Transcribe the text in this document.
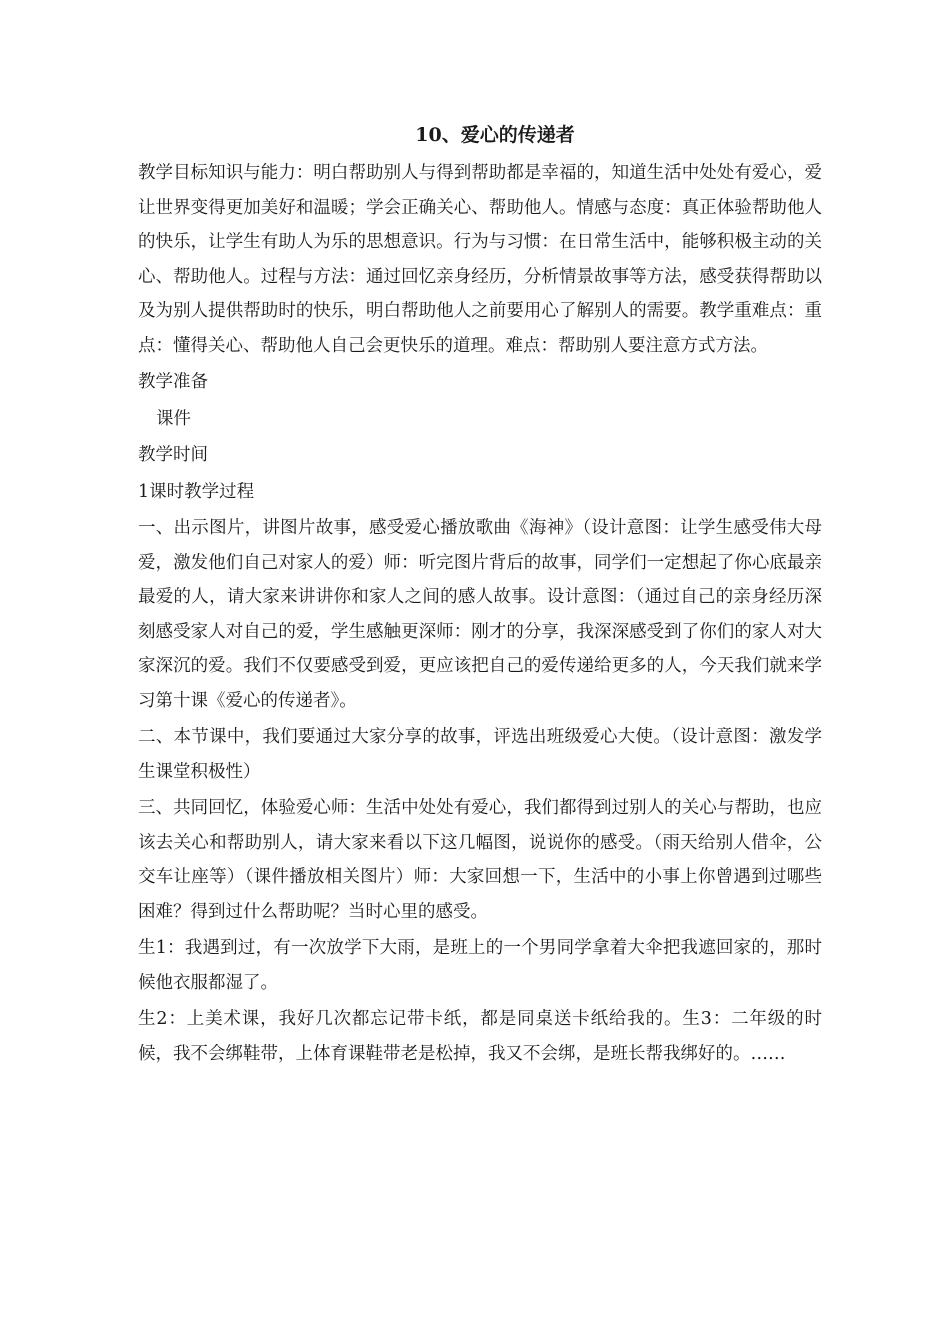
10、爱心的传递者

教学目标知识与能力：明白帮助别人与得到帮助都是幸福的，知道生活中处处有爱心，爱让世界变得更加美好和温暖；学会正确关心、帮助他人。情感与态度：真正体验帮助他人的快乐，让学生有助人为乐的思想意识。行为与习惯：在日常生活中，能够积极主动的关心、帮助他人。过程与方法：通过回忆亲身经历，分析情景故事等方法，感受获得帮助以及为别人提供帮助时的快乐，明白帮助他人之前要用心了解别人的需要。教学重难点：重点：懂得关心、帮助他人自己会更快乐的道理。难点：帮助别人要注意方式方法。

教学准备

课件

教学时间

1课时教学过程

一、出示图片，讲图片故事，感受爱心播放歌曲《海神》（设计意图：让学生感受伟大母爱，激发他们自己对家人的爱）师：听完图片背后的故事，同学们一定想起了你心底最亲最爱的人，请大家来讲讲你和家人之间的感人故事。设计意图：（通过自己的亲身经历深刻感受家人对自己的爱，学生感触更深师：刚才的分享，我深深感受到了你们的家人对大家深沉的爱。我们不仅要感受到爱，更应该把自己的爱传递给更多的人，今天我们就来学习第十课《爱心的传递者》。

二、本节课中，我们要通过大家分享的故事，评选出班级爱心大使。（设计意图：激发学生课堂积极性）

三、共同回忆，体验爱心师：生活中处处有爱心，我们都得到过别人的关心与帮助，也应该去关心和帮助别人，请大家来看以下这几幅图，说说你的感受。（雨天给别人借伞，公交车让座等）（课件播放相关图片）师：大家回想一下，生活中的小事上你曾遇到过哪些困难？得到过什么帮助呢？当时心里的感受。

生1：我遇到过，有一次放学下大雨，是班上的一个男同学拿着大伞把我遮回家的，那时候他衣服都湿了。

生2：上美术课，我好几次都忘记带卡纸，都是同桌送卡纸给我的。生3：二年级的时候，我不会绑鞋带，上体育课鞋带老是松掉，我又不会绑，是班长帮我绑好的。……
